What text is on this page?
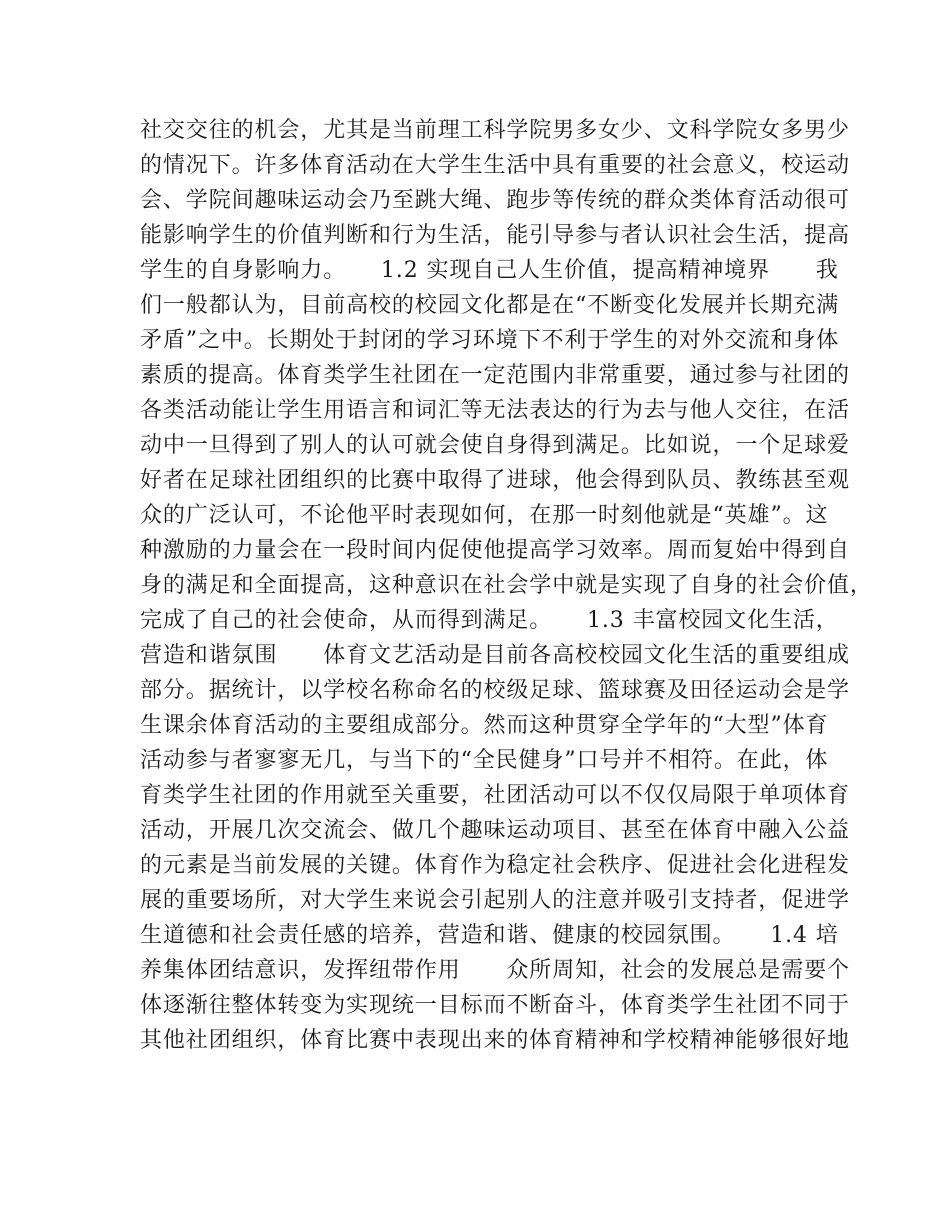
社交交往的机会，尤其是当前理工科学院男多女少、文科学院女多男少
的情况下。许多体育活动在大学生生活中具有重要的社会意义，校运动
会、学院间趣味运动会乃至跳大绳、跑步等传统的群众类体育活动很可
能影响学生的价值判断和行为生活，能引导参与者认识社会生活，提高
学生的自身影响力。　　1.2 实现自己人生价值，提高精神境界　　我
们一般都认为，目前高校的校园文化都是在“不断变化发展并长期充满
矛盾”之中。长期处于封闭的学习环境下不利于学生的对外交流和身体
素质的提高。体育类学生社团在一定范围内非常重要，通过参与社团的
各类活动能让学生用语言和词汇等无法表达的行为去与他人交往，在活
动中一旦得到了别人的认可就会使自身得到满足。比如说，一个足球爱
好者在足球社团组织的比赛中取得了进球，他会得到队员、教练甚至观
众的广泛认可，不论他平时表现如何，在那一时刻他就是“英雄”。这
种激励的力量会在一段时间内促使他提高学习效率。周而复始中得到自
身的满足和全面提高，这种意识在社会学中就是实现了自身的社会价值，
完成了自己的社会使命，从而得到满足。　　1.3 丰富校园文化生活，
营造和谐氛围　　体育文艺活动是目前各高校校园文化生活的重要组成
部分。据统计，以学校名称命名的校级足球、篮球赛及田径运动会是学
生课余体育活动的主要组成部分。然而这种贯穿全学年的“大型”体育
活动参与者寥寥无几，与当下的“全民健身”口号并不相符。在此，体
育类学生社团的作用就至关重要，社团活动可以不仅仅局限于单项体育
活动，开展几次交流会、做几个趣味运动项目、甚至在体育中融入公益
的元素是当前发展的关键。体育作为稳定社会秩序、促进社会化进程发
展的重要场所，对大学生来说会引起别人的注意并吸引支持者，促进学
生道德和社会责任感的培养，营造和谐、健康的校园氛围。　　1.4 培
养集体团结意识，发挥纽带作用　　众所周知，社会的发展总是需要个
体逐渐往整体转变为实现统一目标而不断奋斗，体育类学生社团不同于
其他社团组织，体育比赛中表现出来的体育精神和学校精神能够很好地
